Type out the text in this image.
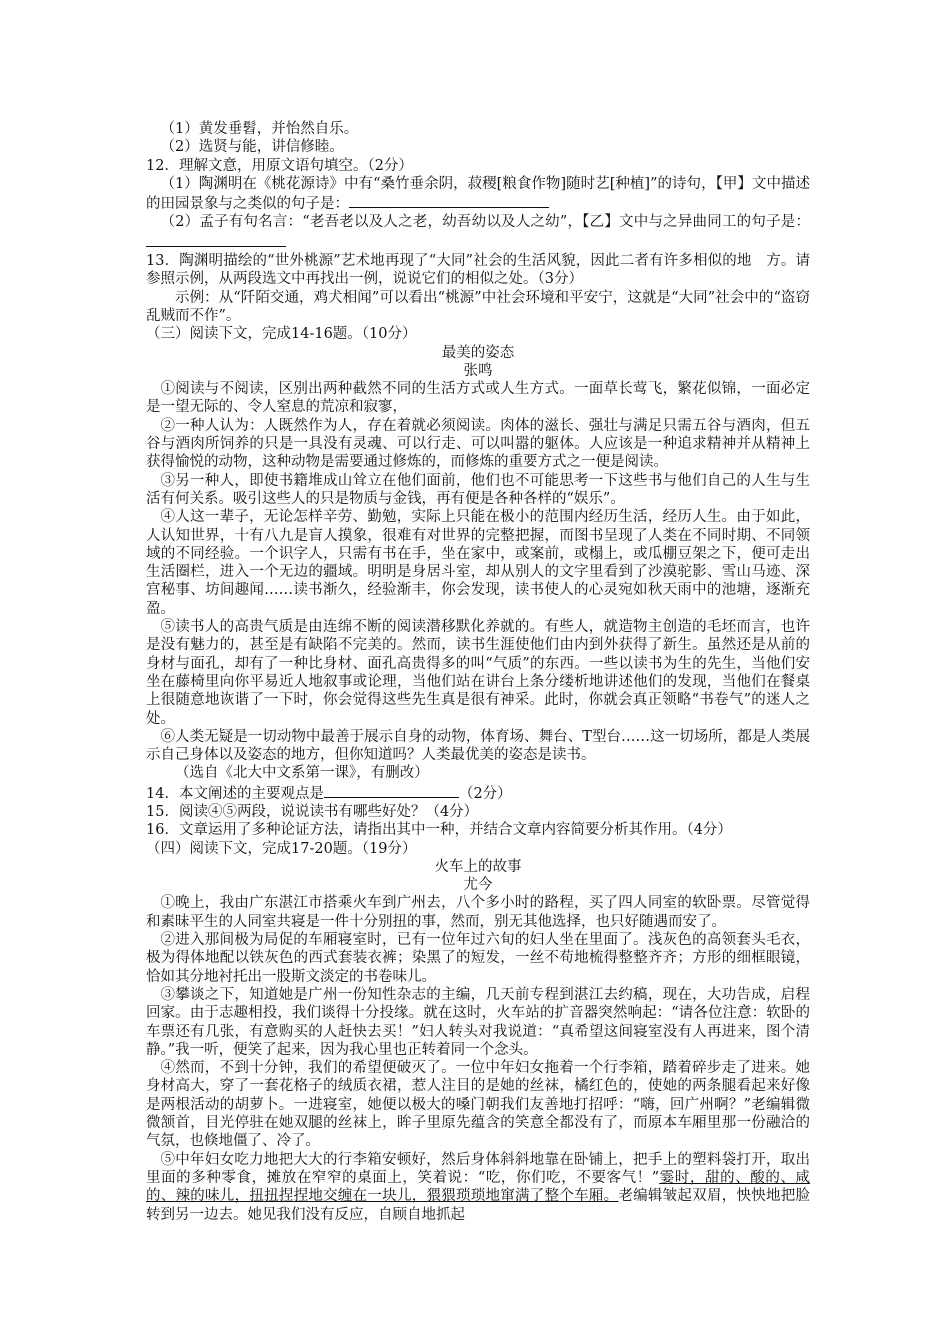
（1）黄发垂髫，并怡然自乐。

（2）选贤与能，讲信修睦。

12．理解文意，用原文语句填空。（2分）

（1）陶渊明在《桃花源诗》中有“桑竹垂余阴，菽稷[粮食作物]随时艺[种植]”的诗句，【甲】文中描述的田园景象与之类似的句子是：

（2）孟子有句名言：“老吾老以及人之老，幼吾幼以及人之幼”，【乙】文中与之异曲同工的句子是：

13．陶渊明描绘的“世外桃源”艺术地再现了“大同”社会的生活风貌，因此二者有许多相似的地　方。请参照示例，从两段选文中再找出一例，说说它们的相似之处。（3分）

示例：从“阡陌交通，鸡犬相闻”可以看出“桃源”中社会环境和平安宁，这就是“大同”社会中的“盗窃乱贼而不作”。

（三）阅读下文，完成14-16题。（10分）

最美的姿态

张鸣

①阅读与不阅读，区别出两种截然不同的生活方式或人生方式。一面草长莺飞，繁花似锦，一面必定是一望无际的、令人窒息的荒凉和寂寥，

②一种人认为：人既然作为人，存在着就必须阅读。肉体的滋长、强壮与满足只需五谷与酒肉，但五谷与酒肉所饲养的只是一具没有灵魂、可以行走、可以叫嚣的躯体。人应该是一种追求精神并从精神上获得愉悦的动物，这种动物是需要通过修炼的，而修炼的重要方式之一便是阅读。

③另一种人，即使书籍堆成山耸立在他们面前，他们也不可能思考一下这些书与他们自己的人生与生活有何关系。吸引这些人的只是物质与金钱，再有便是各种各样的“娱乐”。

④人这一辈子，无论怎样辛劳、勤勉，实际上只能在极小的范围内经历生活，经历人生。由于如此，人认知世界，十有八九是盲人摸象，很难有对世界的完整把握，而图书呈现了人类在不同时期、不同领域的不同经验。一个识字人，只需有书在手，坐在家中，或案前，或榻上，或瓜棚豆架之下，便可走出生活圈栏，进入一个无边的疆域。明明是身居斗室，却从别人的文字里看到了沙漠驼影、雪山马迹、深宫秘事、坊间趣闻……读书渐久，经验渐丰，你会发现，读书使人的心灵宛如秋天雨中的池塘，逐渐充盈。

⑤读书人的高贵气质是由连绵不断的阅读潜移默化养就的。有些人，就造物主创造的毛坯而言，也许是没有魅力的，甚至是有缺陷不完美的。然而，读书生涯使他们由内到外获得了新生。虽然还是从前的身材与面孔，却有了一种比身材、面孔高贵得多的叫“气质”的东西。一些以读书为生的先生，当他们安坐在藤椅里向你平易近人地叙事或论理，当他们站在讲台上条分缕析地讲述他们的发现，当他们在餐桌上很随意地诙谐了一下时，你会觉得这些先生真是很有神采。此时，你就会真正领略“书卷气”的迷人之处。

⑥人类无疑是一切动物中最善于展示自身的动物，体育场、舞台、T型台……这一切场所，都是人类展示自己身体以及姿态的地方，但你知道吗？人类最优美的姿态是读书。

（选自《北大中文系第一课》，有删改）

14．本文阐述的主要观点是	（2分）

15．阅读④⑤两段，说说读书有哪些好处？（4分）

16．文章运用了多种论证方法，请指出其中一种，并结合文章内容简要分析其作用。（4分）

（四）阅读下文，完成17-20题。（19分）

火车上的故事

尤今

①晚上，我由广东湛江市搭乘火车到广州去，八个多小时的路程，买了四人同室的软卧票。尽管觉得和素昧平生的人同室共寝是一件十分别扭的事，然而，别无其他选择，也只好随遇而安了。

②进入那间极为局促的车厢寝室时，已有一位年过六旬的妇人坐在里面了。浅灰色的高领套头毛衣，极为得体地配以铁灰色的西式套装衣裤；染黑了的短发，一丝不苟地梳得整整齐齐；方形的细框眼镜，恰如其分地衬托出一股斯文淡定的书卷味儿。

③攀谈之下，知道她是广州一份知性杂志的主编，几天前专程到湛江去约稿，现在，大功告成，启程回家。由于志趣相投，我们谈得十分投缘。就在这时，火车站的扩音器突然响起：“请各位注意：软卧的车票还有几张，有意购买的人赶快去买！”妇人转头对我说道：“真希望这间寝室没有人再进来，图个清静。”我一听，便笑了起来，因为我心里也正转着同一个念头。

④然而，不到十分钟，我们的希望便破灭了。一位中年妇女拖着一个行李箱，踏着碎步走了进来。她身材高大，穿了一套花格子的绒质衣裙，惹人注目的是她的丝袜，橘红色的，使她的两条腿看起来好像是两根活动的胡萝卜。一进寝室，她便以极大的嗓门朝我们友善地打招呼：“嗨，回广州啊？”老编辑微微颔首，目光停驻在她双腿的丝袜上，眸子里原先蕴含的笑意全都没有了，而原本车厢里那一份融洽的气氛，也倏地僵了、冷了。

⑤中年妇女吃力地把大大的行李箱安顿好，然后身体斜斜地靠在卧铺上，把手上的塑料袋打开，取出里面的多种零食，摊放在窄窄的桌面上，笑着说：“吃，你们吃，不要客气！”霎时，甜的、酸的、咸的、辣的味儿，扭扭捏捏地交缠在一块儿，猥猥琐琐地窜满了整个车厢。老编辑皱起双眉，怏怏地把脸转到另一边去。她见我们没有反应，自顾自地抓起
